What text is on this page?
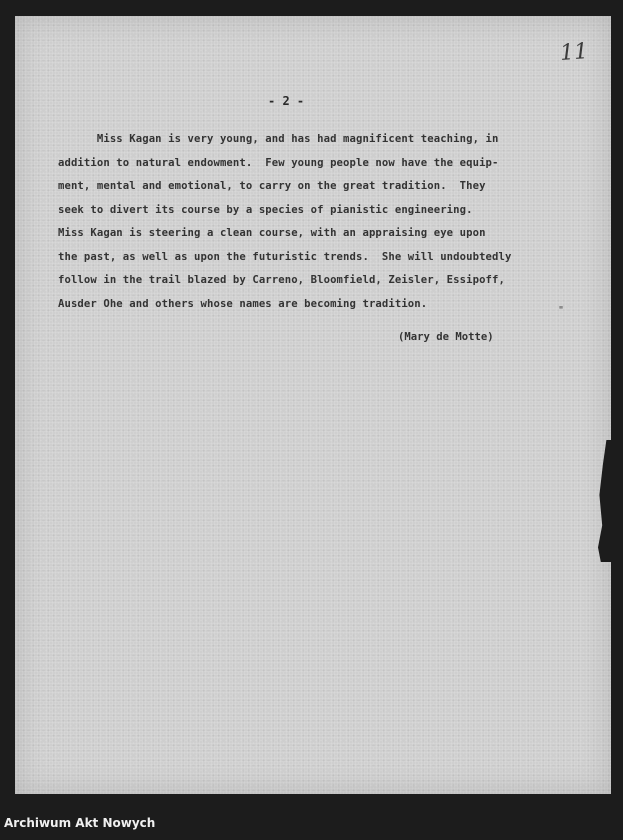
11
- 2 -
Miss Kagan is very young, and has had magnificent teaching, in
addition to natural endowment.  Few young people now have the equip-
ment, mental and emotional, to carry on the great tradition.  They
seek to divert its course by a species of pianistic engineering.
Miss Kagan is steering a clean course, with an appraising eye upon
the past, as well as upon the futuristic trends.  She will undoubtedly
follow in the trail blazed by Carreno, Bloomfield, Zeisler, Essipoff,
Ausder Ohe and others whose names are becoming tradition.
"
(Mary de Motte)
Archiwum Akt Nowych
